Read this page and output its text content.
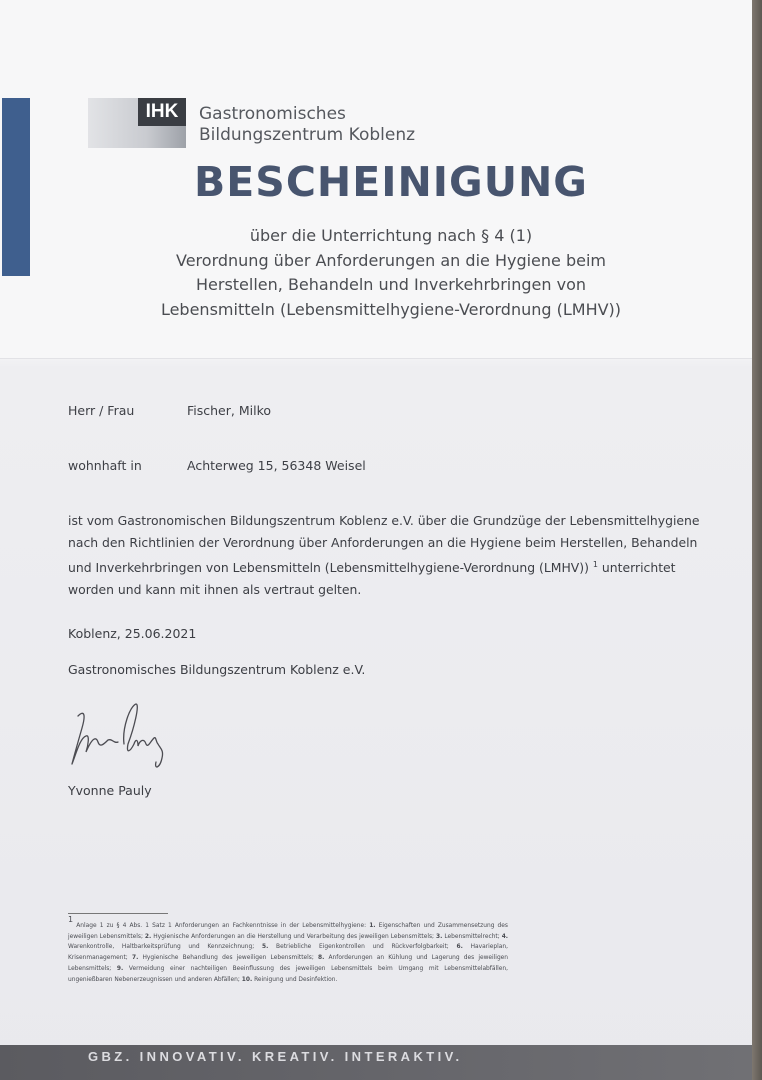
IHK	Gastronomisches
Bildungszentrum Koblenz
BESCHEINIGUNG
über die Unterrichtung nach § 4 (1)
Verordnung über Anforderungen an die Hygiene beim
Herstellen, Behandeln und Inverkehrbringen von
Lebensmitteln (Lebensmittelhygiene-Verordnung (LMHV))
Herr / Frau	Fischer, Milko
wohnhaft in	Achterweg 15, 56348 Weisel
ist vom Gastronomischen Bildungszentrum Koblenz e.V. über die Grundzüge der Lebensmittelhygiene
nach den Richtlinien der Verordnung über Anforderungen an die Hygiene beim Herstellen, Behandeln
und Inverkehrbringen von Lebensmitteln (Lebensmittelhygiene-Verordnung (LMHV)) $^1$ unterrichtet
worden und kann mit ihnen als vertraut gelten.
Koblenz, 25.06.2021
Gastronomisches Bildungszentrum Koblenz e.V.
Yvonne Pauly
1 Anlage 1 zu § 4 Abs. 1 Satz 1 Anforderungen an Fachkenntnisse in der Lebensmittelhygiene: 1. Eigenschaften und Zusammensetzung des jeweiligen Lebensmittels; 2. Hygienische Anforderungen an die Herstellung und Verarbeitung des jeweiligen Lebensmittels; 3. Lebensmittelrecht; 4. Warenkontrolle, Haltbarkeitsprüfung und Kennzeichnung; 5. Betriebliche Eigenkontrollen und Rückverfolgbarkeit; 6. Havarieplan, Krisenmanagement; 7. Hygienische Behandlung des jeweiligen Lebensmittels; 8. Anforderungen an Kühlung und Lagerung des jeweiligen Lebensmittels; 9. Vermeidung einer nachteiligen Beeinflussung des jeweiligen Lebensmittels beim Umgang mit Lebensmittelabfällen, ungenießbaren Nebenerzeugnissen und anderen Abfällen; 10. Reinigung und Desinfektion.
GBZ. INNOVATIV. KREATIV. INTERAKTIV.
